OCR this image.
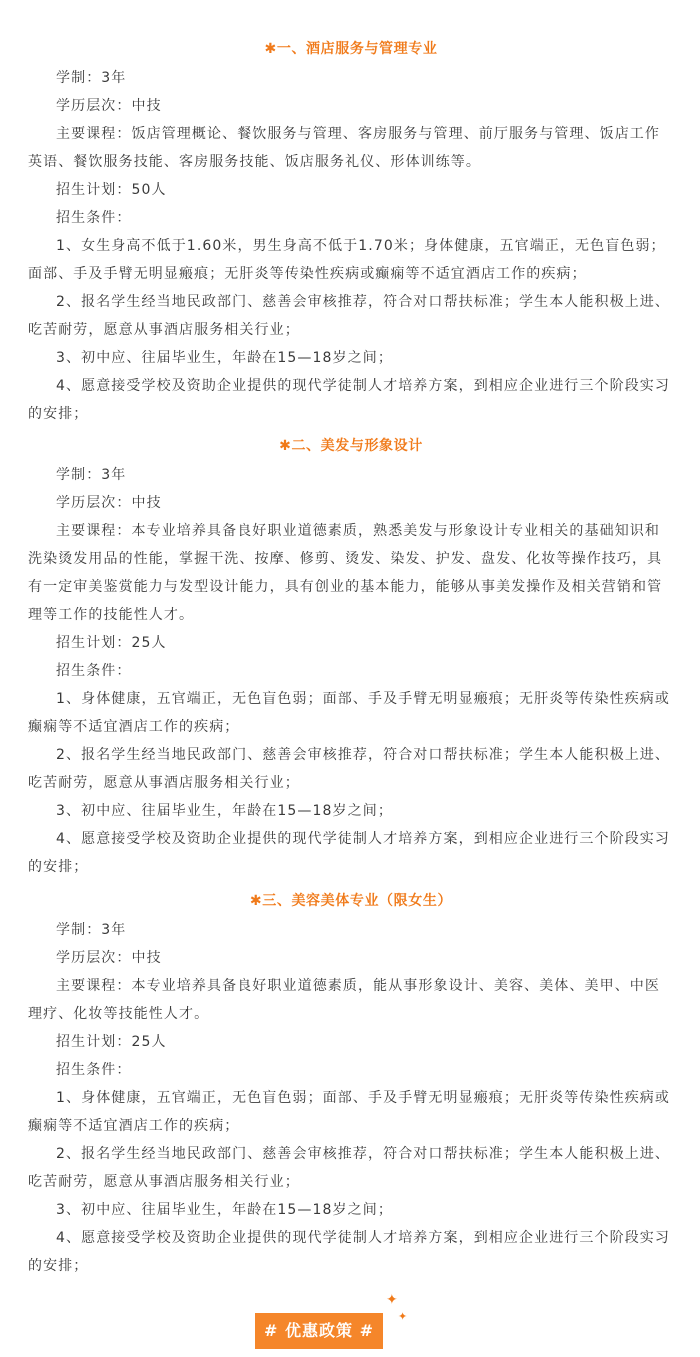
✱一、酒店服务与管理专业

学制：3年

学历层次：中技

主要课程：饭店管理概论、餐饮服务与管理、客房服务与管理、前厅服务与管理、饭店工作英语、餐饮服务技能、客房服务技能、饭店服务礼仪、形体训练等。

招生计划：50人

招生条件：

1、女生身高不低于1.60米，男生身高不低于1.70米；身体健康，五官端正，无色盲色弱；面部、手及手臂无明显瘢痕；无肝炎等传染性疾病或癫痫等不适宜酒店工作的疾病；

2、报名学生经当地民政部门、慈善会审核推荐，符合对口帮扶标准；学生本人能积极上进、吃苦耐劳，愿意从事酒店服务相关行业；

3、初中应、往届毕业生，年龄在15—18岁之间；

4、愿意接受学校及资助企业提供的现代学徒制人才培养方案，到相应企业进行三个阶段实习的安排；

✱二、美发与形象设计

学制：3年

学历层次：中技

主要课程：本专业培养具备良好职业道德素质，熟悉美发与形象设计专业相关的基础知识和洗染烫发用品的性能，掌握干洗、按摩、修剪、烫发、染发、护发、盘发、化妆等操作技巧，具有一定审美鉴赏能力与发型设计能力，具有创业的基本能力，能够从事美发操作及相关营销和管理等工作的技能性人才。

招生计划：25人

招生条件：

1、身体健康，五官端正，无色盲色弱；面部、手及手臂无明显瘢痕；无肝炎等传染性疾病或癫痫等不适宜酒店工作的疾病；

2、报名学生经当地民政部门、慈善会审核推荐，符合对口帮扶标准；学生本人能积极上进、吃苦耐劳，愿意从事酒店服务相关行业；

3、初中应、往届毕业生，年龄在15—18岁之间；

4、愿意接受学校及资助企业提供的现代学徒制人才培养方案，到相应企业进行三个阶段实习的安排；

✱三、美容美体专业（限女生）

学制：3年

学历层次：中技

主要课程：本专业培养具备良好职业道德素质，能从事形象设计、美容、美体、美甲、中医理疗、化妆等技能性人才。

招生计划：25人

招生条件：

1、身体健康，五官端正，无色盲色弱；面部、手及手臂无明显瘢痕；无肝炎等传染性疾病或癫痫等不适宜酒店工作的疾病；

2、报名学生经当地民政部门、慈善会审核推荐，符合对口帮扶标准；学生本人能积极上进、吃苦耐劳，愿意从事酒店服务相关行业；

3、初中应、往届毕业生，年龄在15—18岁之间；

4、愿意接受学校及资助企业提供的现代学徒制人才培养方案，到相应企业进行三个阶段实习的安排；

# 优惠政策 #
✦
✦
